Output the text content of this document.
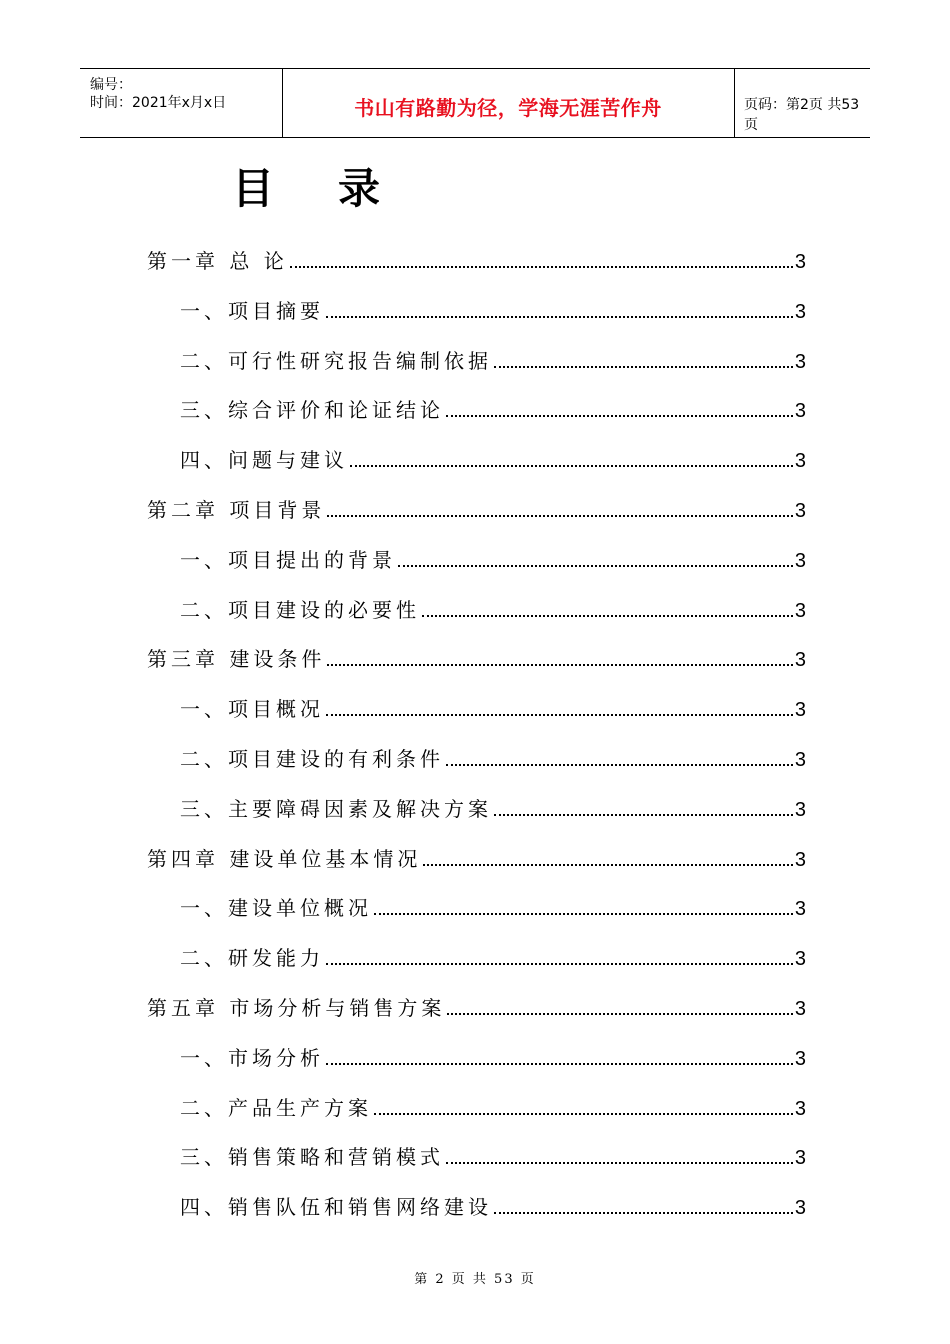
编号：
时间：2021年x月x日	书山有路勤为径，学海无涯苦作舟	页码：第2页 共53页
目录
第一章 总 论	3
一、项目摘要	3
二、可行性研究报告编制依据	3
三、综合评价和论证结论	3
四、问题与建议	3
第二章 项目背景	3
一、项目提出的背景	3
二、项目建设的必要性	3
第三章 建设条件	3
一、项目概况	3
二、项目建设的有利条件	3
三、主要障碍因素及解决方案	3
第四章 建设单位基本情况	3
一、建设单位概况	3
二、研发能力	3
第五章 市场分析与销售方案	3
一、市场分析	3
二、产品生产方案	3
三、销售策略和营销模式	3
四、销售队伍和销售网络建设	3
第 2 页 共 53 页
